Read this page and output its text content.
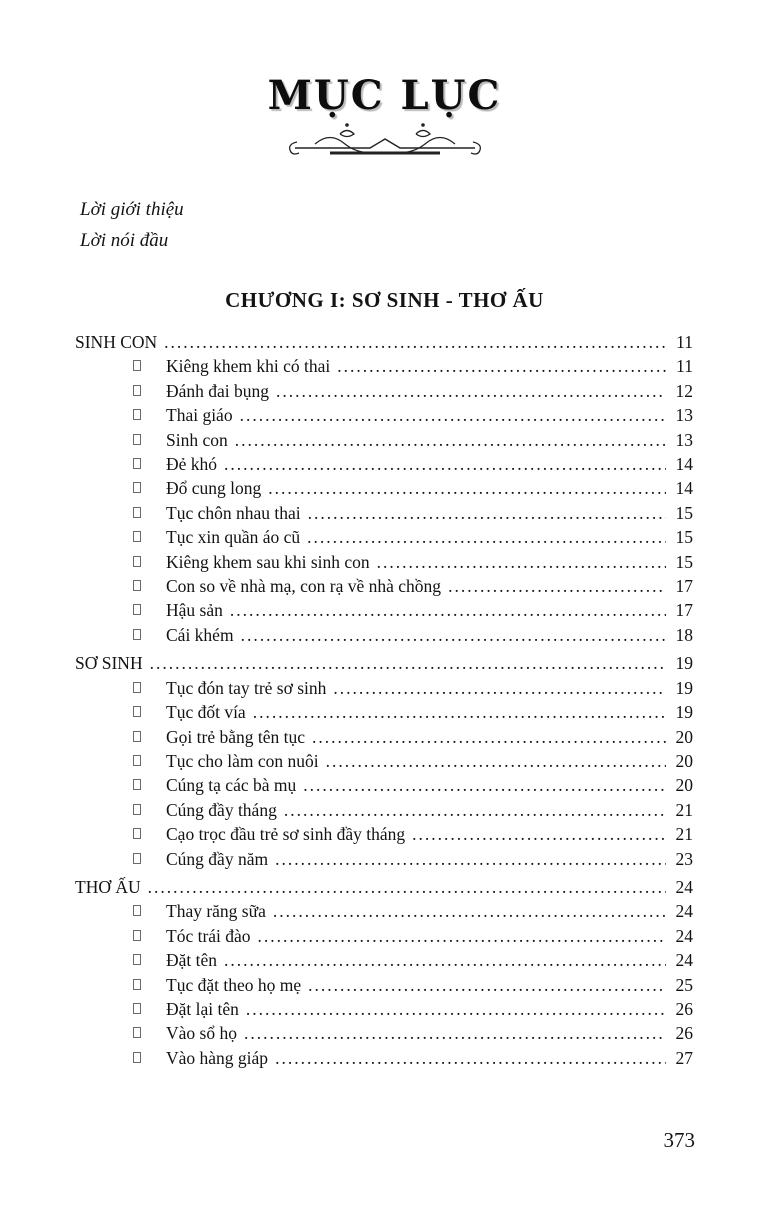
MỤC LỤC
Lời giới thiệu
Lời nói đầu
CHƯƠNG I: SƠ SINH - THƠ ẤU
SINH CON .....	11
Kiêng khem khi có thai .....	11
Đánh đai bụng .....	12
Thai giáo .....	13
Sinh con .....	13
Đẻ khó .....	14
Đổ cung long .....	14
Tục chôn nhau thai .....	15
Tục xin quần áo cũ .....	15
Kiêng khem sau khi sinh con .....	15
Con so về nhà mạ, con rạ về nhà chồng .....	17
Hậu sản .....	17
Cái khém .....	18
SƠ SINH .....	19
Tục đón tay trẻ sơ sinh .....	19
Tục đốt vía .....	19
Gọi trẻ bằng tên tục .....	20
Tục cho làm con nuôi .....	20
Cúng tạ các bà mụ .....	20
Cúng đầy tháng .....	21
Cạo trọc đầu trẻ sơ sinh đầy tháng .....	21
Cúng đầy năm .....	23
THƠ ẤU .....	24
Thay răng sữa .....	24
Tóc trái đào .....	24
Đặt tên .....	24
Tục đặt theo họ mẹ .....	25
Đặt lại tên .....	26
Vào sổ họ .....	26
Vào hàng giáp .....	27
373
